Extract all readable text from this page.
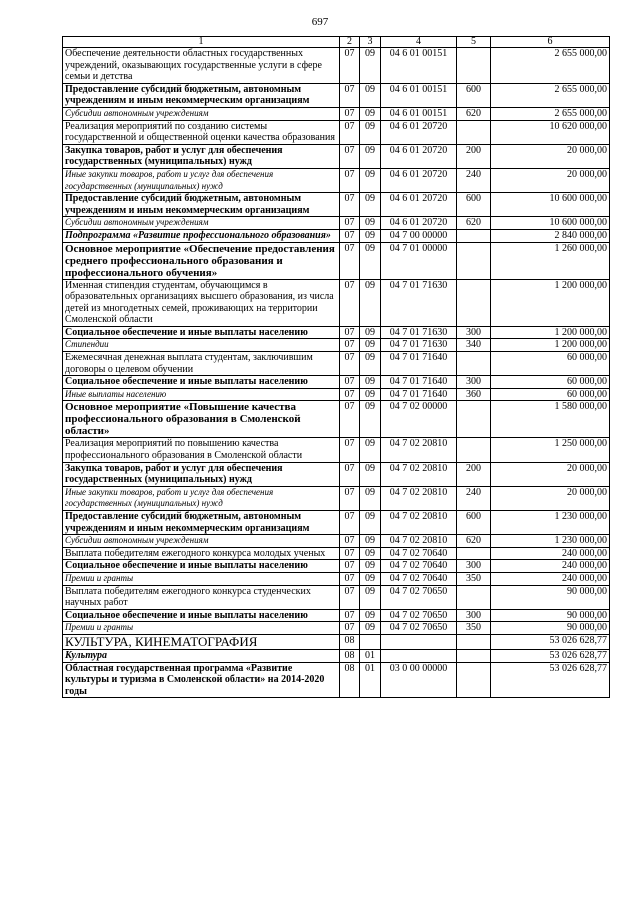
697
1	2	3	4	5	6
Обеспечение деятельности областных государственных учреждений, оказывающих государственные услуги в сфере семьи и детства	07	09	04 6 01 00151		2 655 000,00
Предоставление субсидий бюджетным, автономным учреждениям и иным некоммерческим организациям	07	09	04 6 01 00151	600	2 655 000,00
Субсидии автономным учреждениям	07	09	04 6 01 00151	620	2 655 000,00
Реализация мероприятий по созданию системы государственной и общественной оценки качества образования	07	09	04 6 01 20720		10 620 000,00
Закупка товаров, работ и услуг для обеспечения государственных (муниципальных) нужд	07	09	04 6 01 20720	200	20 000,00
Иные закупки товаров, работ и услуг для обеспечения государственных (муниципальных) нужд	07	09	04 6 01 20720	240	20 000,00
Предоставление субсидий бюджетным, автономным учреждениям и иным некоммерческим организациям	07	09	04 6 01 20720	600	10 600 000,00
Субсидии автономным учреждениям	07	09	04 6 01 20720	620	10 600 000,00
Подпрограмма «Развитие профессионального образования»	07	09	04 7 00 00000		2 840 000,00
Основное мероприятие «Обеспечение предоставления среднего профессионального образования и профессионального обучения»	07	09	04 7 01 00000		1 260 000,00
Именная стипендия студентам, обучающимся в образовательных организациях высшего образования, из числа детей из многодетных семей, проживающих на территории Смоленской области	07	09	04 7 01 71630		1 200 000,00
Социальное обеспечение и иные выплаты населению	07	09	04 7 01 71630	300	1 200 000,00
Стипендии	07	09	04 7 01 71630	340	1 200 000,00
Ежемесячная денежная выплата студентам, заключившим договоры о целевом обучении	07	09	04 7 01 71640		60 000,00
Социальное обеспечение и иные выплаты населению	07	09	04 7 01 71640	300	60 000,00
Иные выплаты населению	07	09	04 7 01 71640	360	60 000,00
Основное мероприятие «Повышение качества профессионального образования в Смоленской области»	07	09	04 7 02 00000		1 580 000,00
Реализация мероприятий по повышению качества профессионального образования в Смоленской области	07	09	04 7 02 20810		1 250 000,00
Закупка товаров, работ и услуг для обеспечения государственных (муниципальных) нужд	07	09	04 7 02 20810	200	20 000,00
Иные закупки товаров, работ и услуг для обеспечения государственных (муниципальных) нужд	07	09	04 7 02 20810	240	20 000,00
Предоставление субсидий бюджетным, автономным учреждениям и иным некоммерческим организациям	07	09	04 7 02 20810	600	1 230 000,00
Субсидии автономным учреждениям	07	09	04 7 02 20810	620	1 230 000,00
Выплата победителям ежегодного конкурса молодых ученых	07	09	04 7 02 70640		240 000,00
Социальное обеспечение и иные выплаты населению	07	09	04 7 02 70640	300	240 000,00
Премии и гранты	07	09	04 7 02 70640	350	240 000,00
Выплата победителям ежегодного конкурса студенческих научных работ	07	09	04 7 02 70650		90 000,00
Социальное обеспечение и иные выплаты населению	07	09	04 7 02 70650	300	90 000,00
Премии и гранты	07	09	04 7 02 70650	350	90 000,00
КУЛЬТУРА, КИНЕМАТОГРАФИЯ	08				53 026 628,77
Культура	08	01			53 026 628,77
Областная государственная программа «Развитие культуры и туризма в Смоленской области» на 2014-2020 годы	08	01	03 0 00 00000		53 026 628,77
